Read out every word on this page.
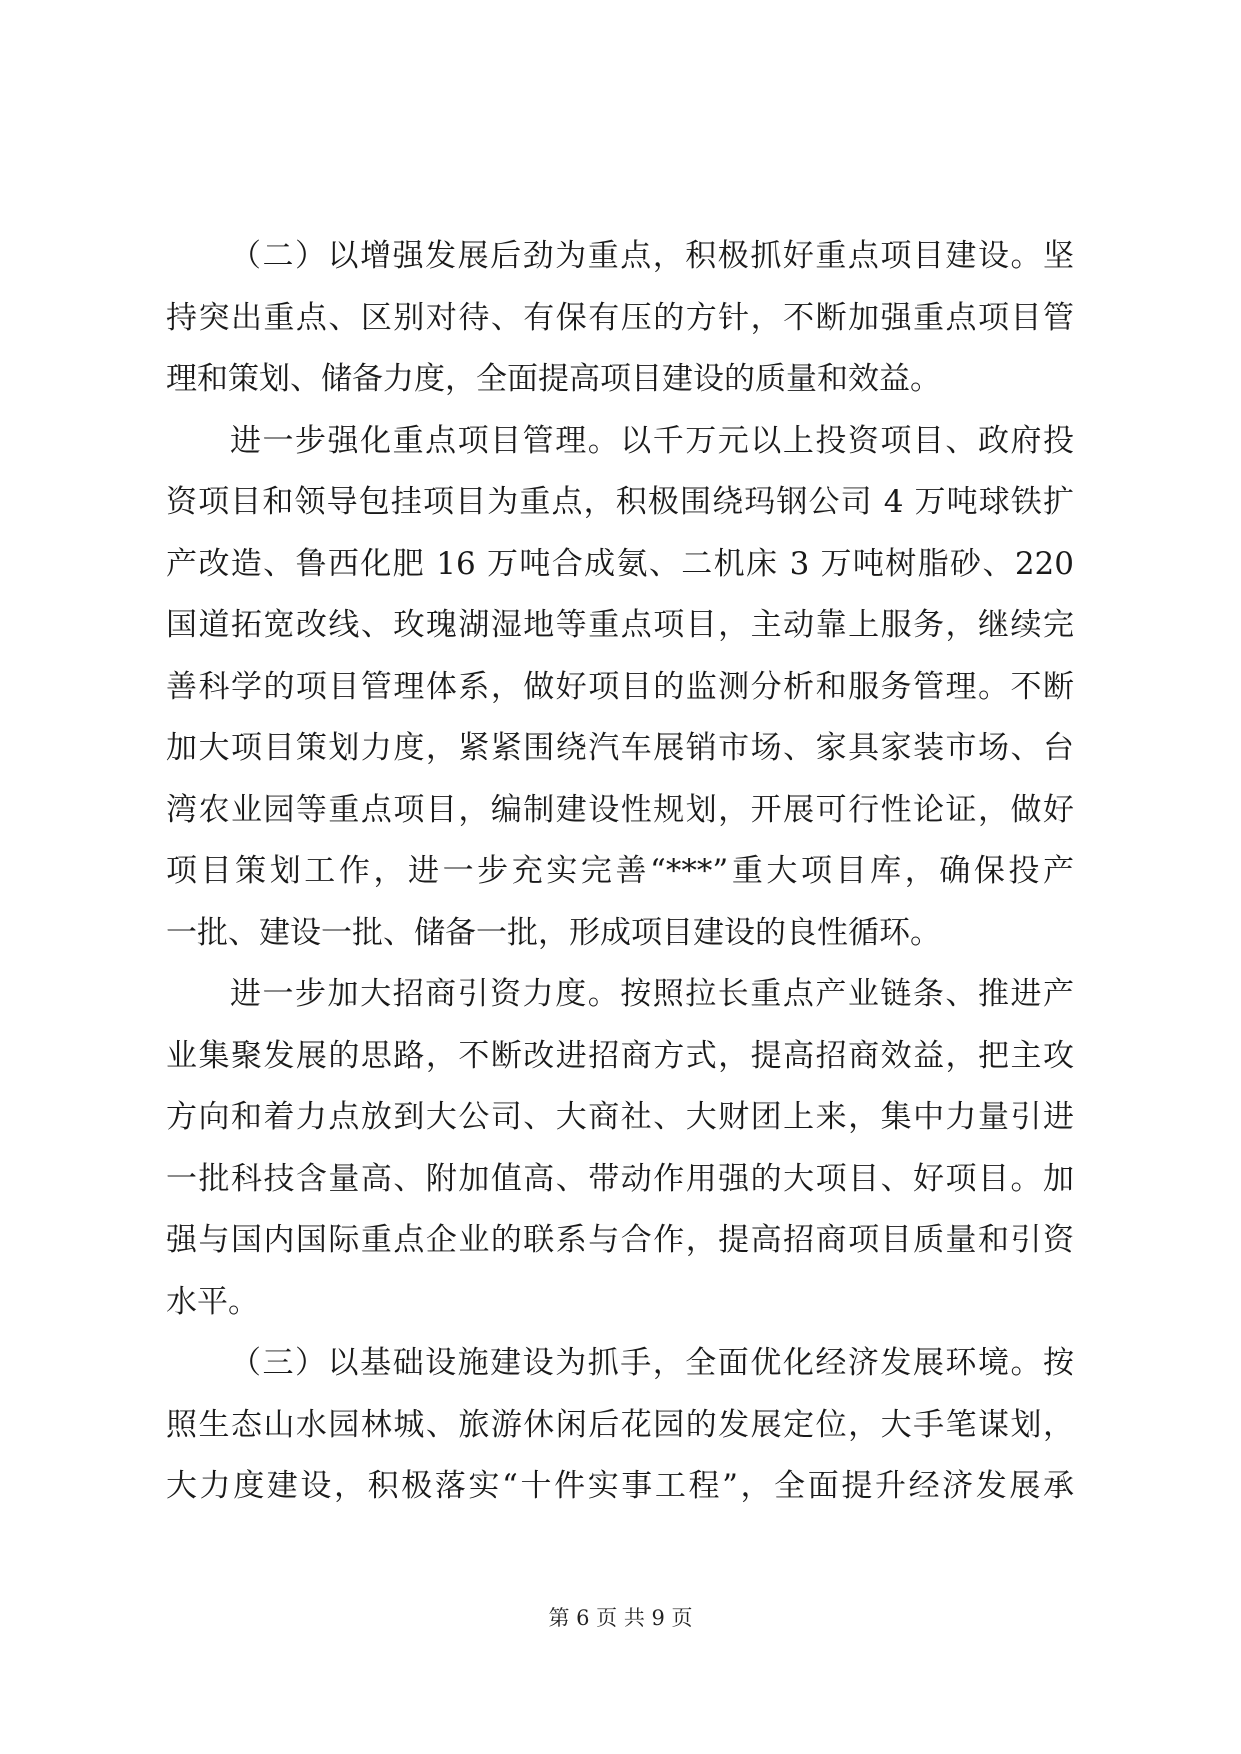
（二）以增强发展后劲为重点，积极抓好重点项目建设。坚
持突出重点、区别对待、有保有压的方针，不断加强重点项目管
理和策划、储备力度，全面提高项目建设的质量和效益。
进一步强化重点项目管理。以千万元以上投资项目、政府投
资项目和领导包挂项目为重点，积极围绕玛钢公司 4 万吨球铁扩
产改造、鲁西化肥 16 万吨合成氨、二机床 3 万吨树脂砂、220
国道拓宽改线、玫瑰湖湿地等重点项目，主动靠上服务，继续完
善科学的项目管理体系，做好项目的监测分析和服务管理。不断
加大项目策划力度，紧紧围绕汽车展销市场、家具家装市场、台
湾农业园等重点项目，编制建设性规划，开展可行性论证，做好
项目策划工作，进一步充实完善“***”重大项目库，确保投产
一批、建设一批、储备一批，形成项目建设的良性循环。
进一步加大招商引资力度。按照拉长重点产业链条、推进产
业集聚发展的思路，不断改进招商方式，提高招商效益，把主攻
方向和着力点放到大公司、大商社、大财团上来，集中力量引进
一批科技含量高、附加值高、带动作用强的大项目、好项目。加
强与国内国际重点企业的联系与合作，提高招商项目质量和引资
水平。
（三）以基础设施建设为抓手，全面优化经济发展环境。按
照生态山水园林城、旅游休闲后花园的发展定位，大手笔谋划，
大力度建设，积极落实“十件实事工程”，全面提升经济发展承
第 6 页 共 9 页
